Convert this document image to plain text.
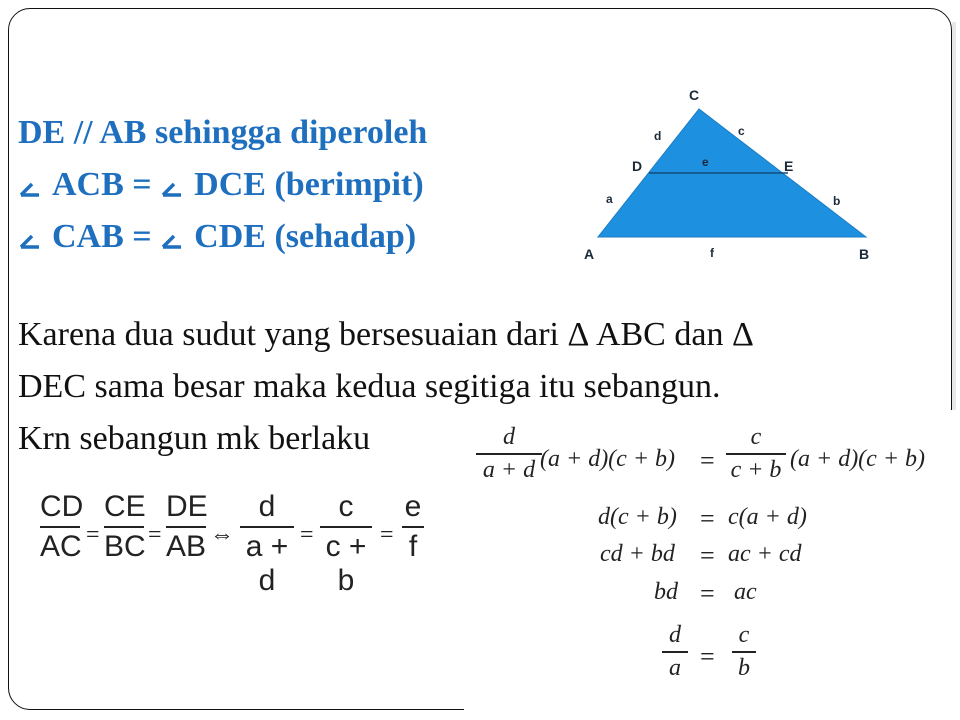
DE // AB sehingga diperoleh
ACB =
DCE (berimpit)
CAB =
CDE (sehadap)
C
D	E
A	B
d	c
e
a	b
f
Karena dua sudut yang bersesuaian dari Δ ABC dan Δ
DEC sama besar maka kedua segitiga itu sebangun.
d
a + d (a + d)(c + b) =
c
c + b (a + d)(c + b)
d(c + b) = c(a + d)
cd + bd = ac + cd
bd = ac
d
a =
c
b
Krn sebangun mk berlaku
CD
AC =
CE
BC =
DE
AB ⇔
d
a + d
=
c
c + b
=
e
f
